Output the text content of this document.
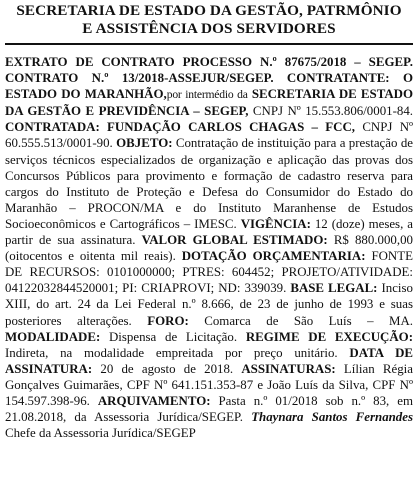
SECRETARIA DE ESTADO DA GESTÃO, PATRMÔNIO
E ASSISTÊNCIA DOS SERVIDORES

EXTRATO DE CONTRATO PROCESSO N.º 87675/2018 – SEGEP. CONTRATO N.º 13/2018-ASSEJUR/SEGEP. CONTRATANTE: O ESTADO DO MARANHÃO,por intermédio da SECRETARIA DE ESTADO DA GESTÃO E PREVIDÊNCIA – SEGEP, CNPJ Nº 15.553.806/0001-84. CONTRATADA: FUNDAÇÃO CARLOS CHAGAS – FCC, CNPJ Nº 60.555.513/0001-90. OBJETO: Contratação de instituição para a prestação de serviços técnicos especializados de organização e aplicação das provas dos Concursos Públicos para provimento e formação de cadastro reserva para cargos do Instituto de Proteção e Defesa do Consumidor do Estado do Maranhão – PROCON/MA e do Instituto Maranhense de Estudos Socioeconômicos e Cartográficos – IMESC. VIGÊNCIA: 12 (doze) meses, a partir de sua assinatura. VALOR GLOBAL ESTIMADO: R$ 880.000,00 (oitocentos e oitenta mil reais). DOTAÇÃO ORÇAMENTARIA: FONTE DE RECURSOS: 0101000000; PTRES: 604452; PROJETO/ATIVIDADE: 04122032844520001; PI: CRIAPROVI; ND: 339039. BASE LEGAL: Inciso XIII, do art. 24 da Lei Federal n.º 8.666, de 23 de junho de 1993 e suas posteriores alterações. FORO: Comarca de São Luís – MA. MODALIDADE: Dispensa de Licitação. REGIME DE EXECUÇÃO: Indireta, na modalidade empreitada por preço unitário. DATA DE ASSINATURA: 20 de agosto de 2018. ASSINATURAS: Lílian Régia Gonçalves Guimarães, CPF Nº 641.151.353-87 e João Luís da Silva, CPF Nº 154.597.398-96. ARQUIVAMENTO: Pasta n.º 01/2018 sob n.º 83, em 21.08.2018, da Assessoria Jurídica/SEGEP. Thaynara Santos Fernandes Chefe da Assessoria Jurídica/SEGEP
